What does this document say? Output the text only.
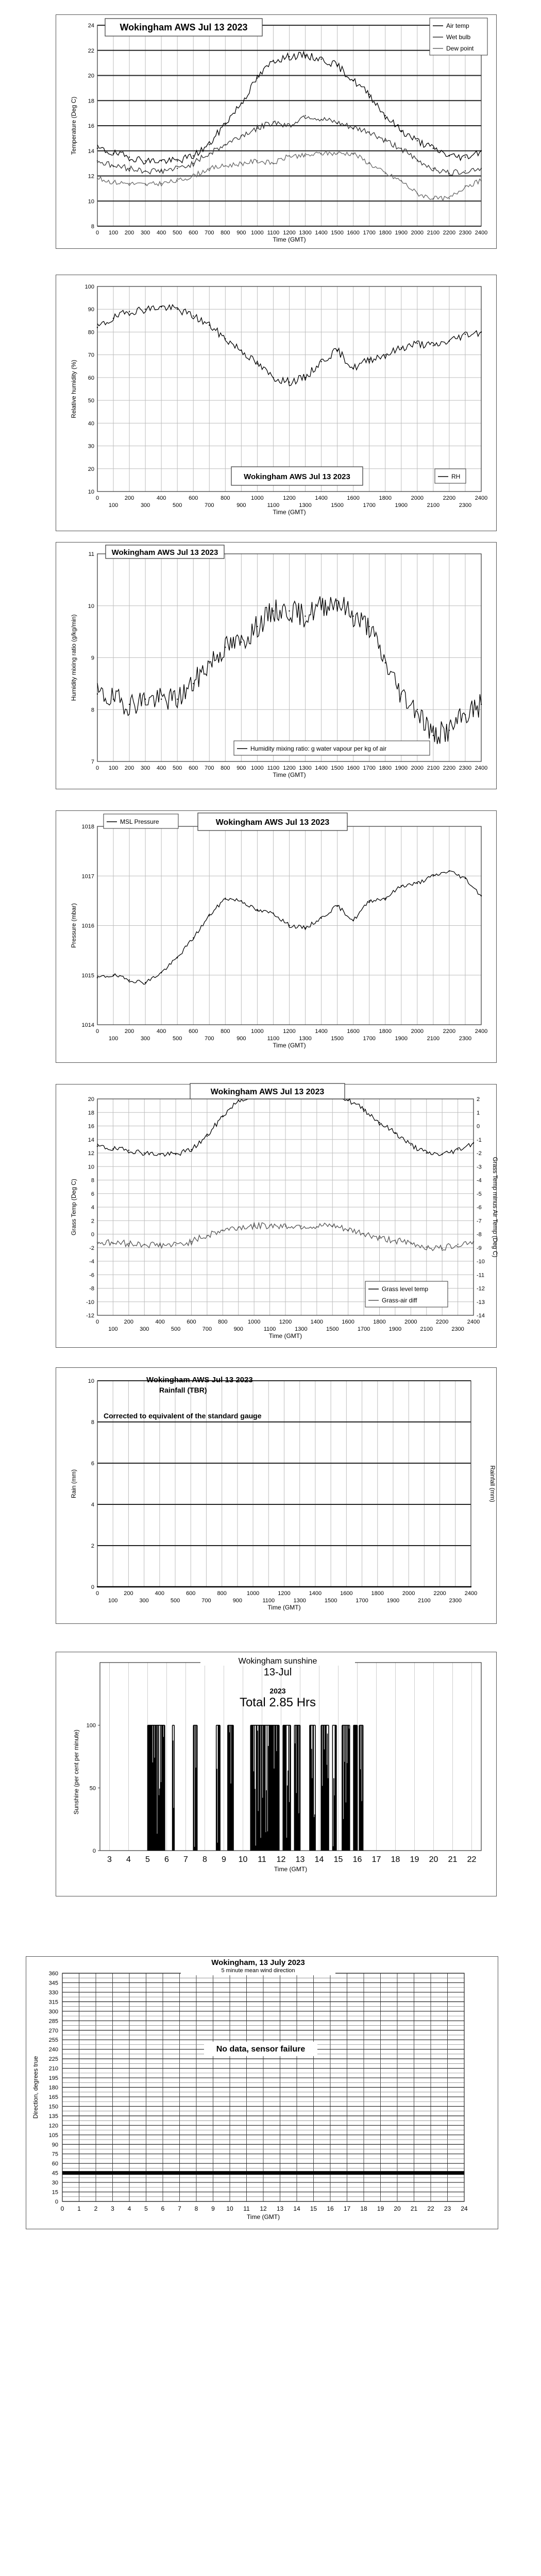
8
10
12
14
16
18
20
22
24
0 100 200 300 400 500 600 700 800 900 1000 1100 1200 1300 1400 1500 1600 1700 1800 1900 2000 2100 2200 2300 2400
Time (GMT)
Temperature (Deg C)
Wokingham AWS Jul 13 2023	Air temp
Wet bulb
Dew point
10
20
30
40
50
60
70
80
90
100
0	200	400	600	800	1000	1200	1400	1600	1800	2000	2200	2400
100	300	500	700	900	1100	1300	1500	1700	1900	2100	2300
Time (GMT)
Relative humidity (%)
Wokingham AWS Jul 13 2023	RH
7
8
9
10
11
0 100 200 300 400 500 600 700 800 900 1000 1100 1200 1300 1400 1500 1600 1700 1800 1900 2000 2100 2200 2300 2400
Time (GMT)
Humidity mixing ratio (g/kg/min)
Wokingham AWS Jul 13 2023
Humidity mixing ratio: g water vapour per kg of air
1014
1015
1016
1017
1018
0	200	400	600	800	1000	1200	1400	1600	1800	2000	2200	2400
100	300	500	700	900	1100	1300	1500	1700	1900	2100	2300
Time (GMT)
Pressure (mbar)
Wokingham AWS Jul 13 2023
MSL Pressure
-12
-10
-8
-6
-4
-2
0
2
4
6
8
10
12
14
16
18
20
-14
-13
-12
-11
-10
-9
-8
-7
-6
-5
-4
-3
-2
-1
0
1
2
0	200	400	600	800	1000	1200	1400	1600	1800	2000	2200	2400
100	300	500	700	900	1100	1300	1500	1700	1900	2100	2300
Time (GMT)
Grass Temp (Deg C)	Grass Temp minus Air Temp (Deg C)
Wokingham AWS Jul 13 2023
Grass level temp
Grass-air diff
0
2
4
6
8
10
0	200	400	600	800	1000	1200	1400	1600	1800	2000	2200	2400
100	300	500	700	900	1100	1300	1500	1700	1900	2100	2300
Time (GMT)
Rain (mm)	Rainfall (mm)
Wokingham AWS Jul 13 2023
Rainfall (TBR)
Corrected to equivalent of the standard gauge
0
50
100
3 4 5 6 7 8 9 10 11 12 13 14 15 16 17 18 19 20 21 22
Time (GMT)
Sunshine (per cent per minute)
Wokingham sunshine
13-Jul
2023
Total 2.85 Hrs
0
15
30
45
60
75
90
105
120
135
150
165
180
195
210
225
240
255
270
285
300
315
330
345
360
0 1 2 3 4 5 6 7 8 9 10 11 12 13 14 15 16 17 18 19 20 21 22 23 24
Time (GMT)
Direction, degrees true
Wokingham, 13 July 2023
5 minute mean wind direction
No data, sensor failure
